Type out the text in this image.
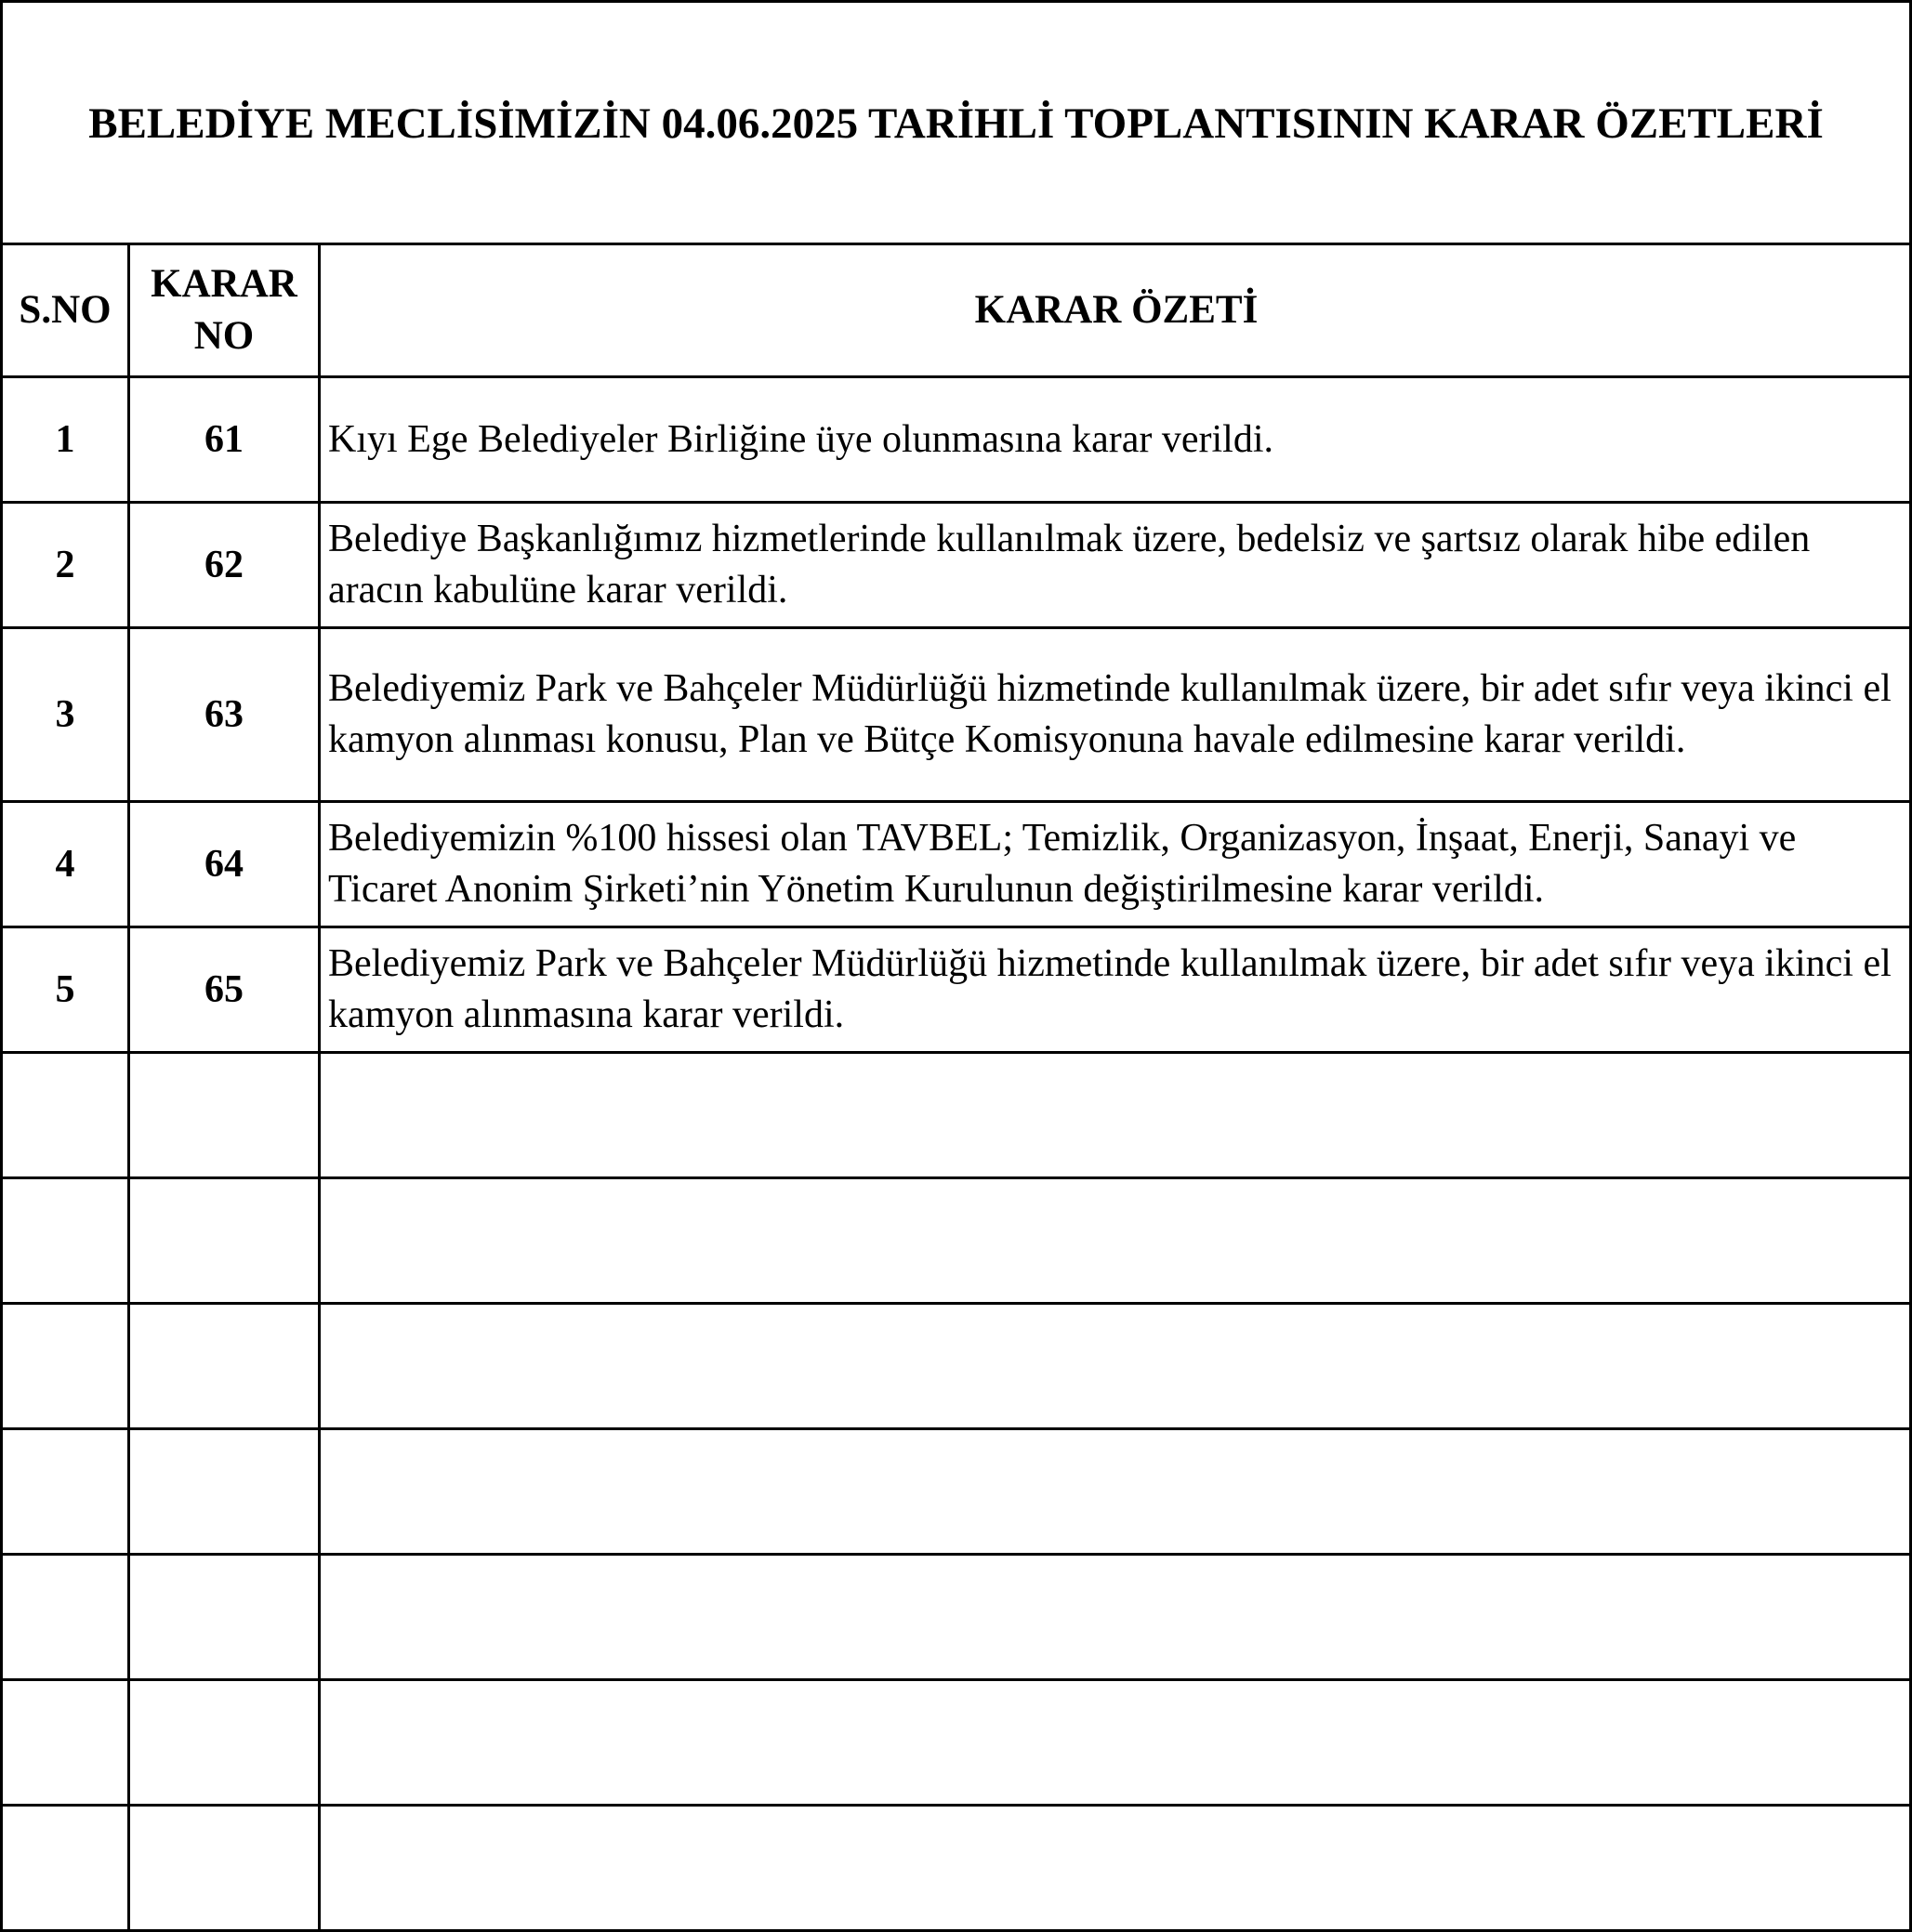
BELEDİYE MECLİSİMİZİN 04.06.2025 TARİHLİ TOPLANTISININ KARAR ÖZETLERİ
S.NO	KARAR NO	KARAR ÖZETİ
1	61	Kıyı Ege Belediyeler Birliğine üye olunmasına karar verildi.
2	62	Belediye Başkanlığımız hizmetlerinde kullanılmak üzere, bedelsiz ve şartsız olarak hibe edilen aracın kabulüne karar verildi.
3	63	Belediyemiz Park ve Bahçeler Müdürlüğü hizmetinde kullanılmak üzere, bir adet sıfır veya ikinci el kamyon alınması konusu, Plan ve Bütçe Komisyonuna havale edilmesine karar verildi.
4	64	Belediyemizin %100 hissesi olan TAVBEL; Temizlik, Organizasyon, İnşaat, Enerji, Sanayi ve Ticaret Anonim Şirketi’nin Yönetim Kurulunun değiştirilmesine karar verildi.
5	65	Belediyemiz Park ve Bahçeler Müdürlüğü hizmetinde kullanılmak üzere, bir adet sıfır veya ikinci el kamyon alınmasına karar verildi.
